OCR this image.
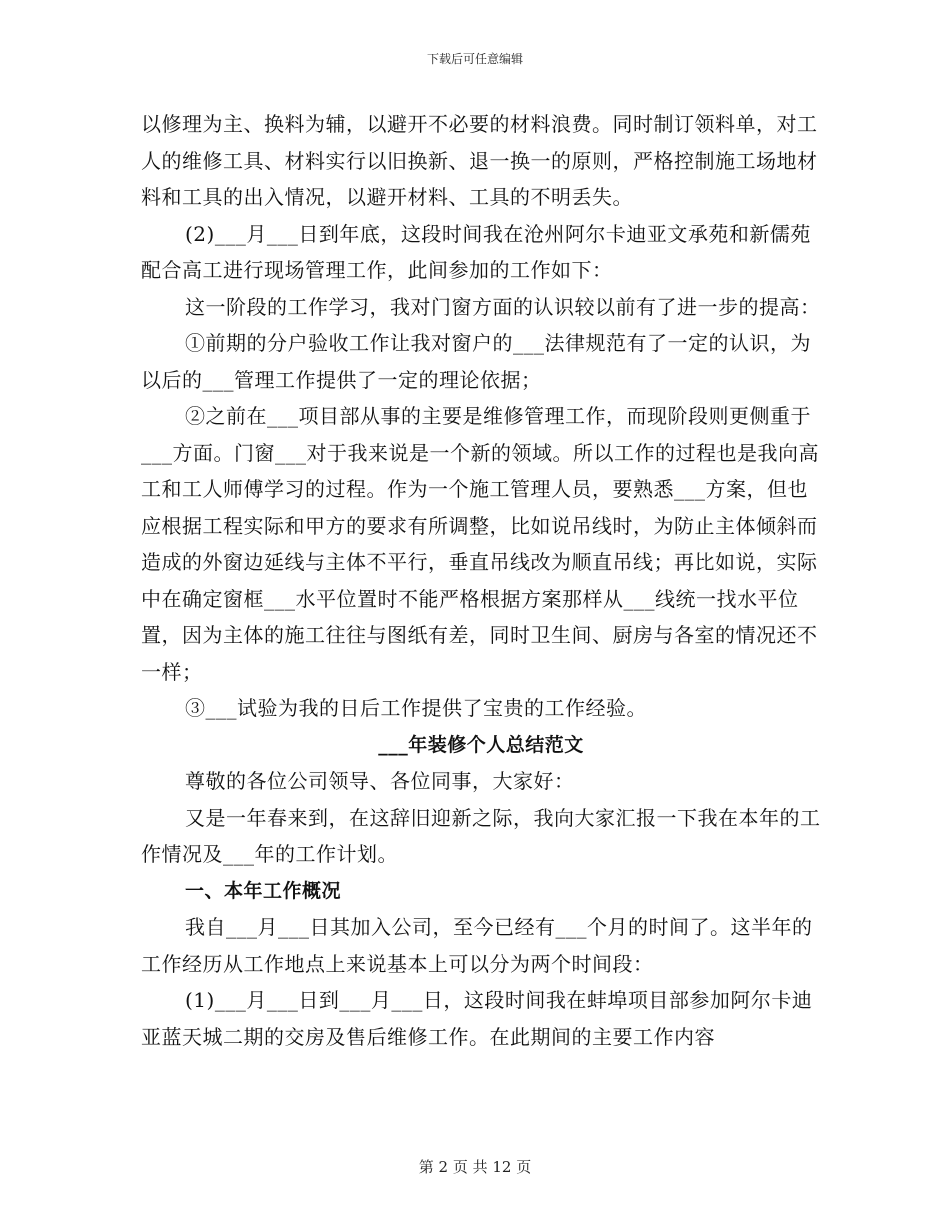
下载后可任意编辑

以修理为主、换料为辅，以避开不必要的材料浪费。同时制订领料单，对工人的维修工具、材料实行以旧换新、退一换一的原则，严格控制施工场地材料和工具的出入情况，以避开材料、工具的不明丢失。

(2)___月___日到年底，这段时间我在沧州阿尔卡迪亚文承苑和新儒苑配合高工进行现场管理工作，此间参加的工作如下：

这一阶段的工作学习，我对门窗方面的认识较以前有了进一步的提高：

①前期的分户验收工作让我对窗户的___法律规范有了一定的认识，为以后的___管理工作提供了一定的理论依据；

②之前在___项目部从事的主要是维修管理工作，而现阶段则更侧重于___方面。门窗___对于我来说是一个新的领域。所以工作的过程也是我向高工和工人师傅学习的过程。作为一个施工管理人员，要熟悉___方案，但也应根据工程实际和甲方的要求有所调整，比如说吊线时，为防止主体倾斜而造成的外窗边延线与主体不平行，垂直吊线改为顺直吊线；再比如说，实际中在确定窗框___水平位置时不能严格根据方案那样从___线统一找水平位置，因为主体的施工往往与图纸有差，同时卫生间、厨房与各室的情况还不一样；

③___试验为我的日后工作提供了宝贵的工作经验。

___年装修个人总结范文

尊敬的各位公司领导、各位同事，大家好：

又是一年春来到，在这辞旧迎新之际，我向大家汇报一下我在本年的工作情况及___年的工作计划。

一、本年工作概况

我自___月___日其加入公司，至今已经有___个月的时间了。这半年的工作经历从工作地点上来说基本上可以分为两个时间段：

(1)___月___日到___月___日，这段时间我在蚌埠项目部参加阿尔卡迪亚蓝天城二期的交房及售后维修工作。在此期间的主要工作内容

第 2 页 共 12 页
